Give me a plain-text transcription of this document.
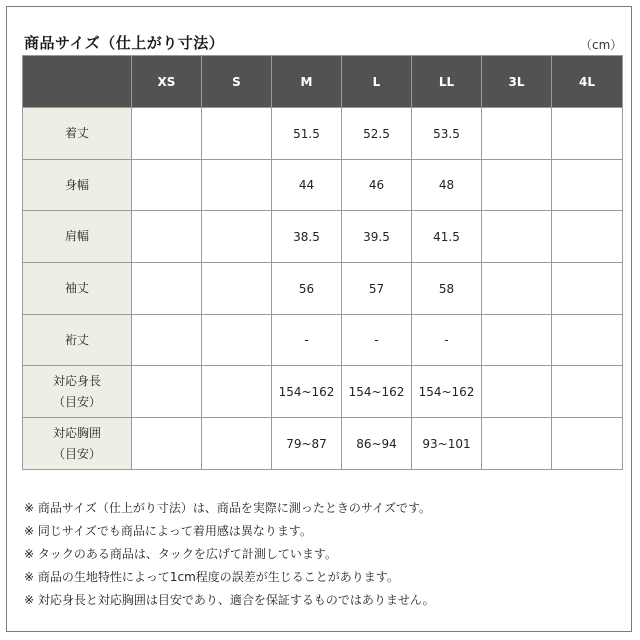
商品サイズ（仕上がり寸法）	（cm）
	XS	S	M	L	LL	3L	4L

着丈			51.5	52.5	53.5		

身幅			44	46	48		

肩幅			38.5	39.5	41.5		

袖丈			56	57	58		

裄丈			-	-	-		

対応身長
（目安）			154~162	154~162	154~162		

対応胸囲
（目安）			79~87	86~94	93~101		
※ 商品サイズ（仕上がり寸法）は、商品を実際に測ったときのサイズです。
※ 同じサイズでも商品によって着用感は異なります。
※ タックのある商品は、タックを広げて計測しています。
※ 商品の生地特性によって1cm程度の誤差が生じることがあります。
※ 対応身長と対応胸囲は目安であり、適合を保証するものではありません。
